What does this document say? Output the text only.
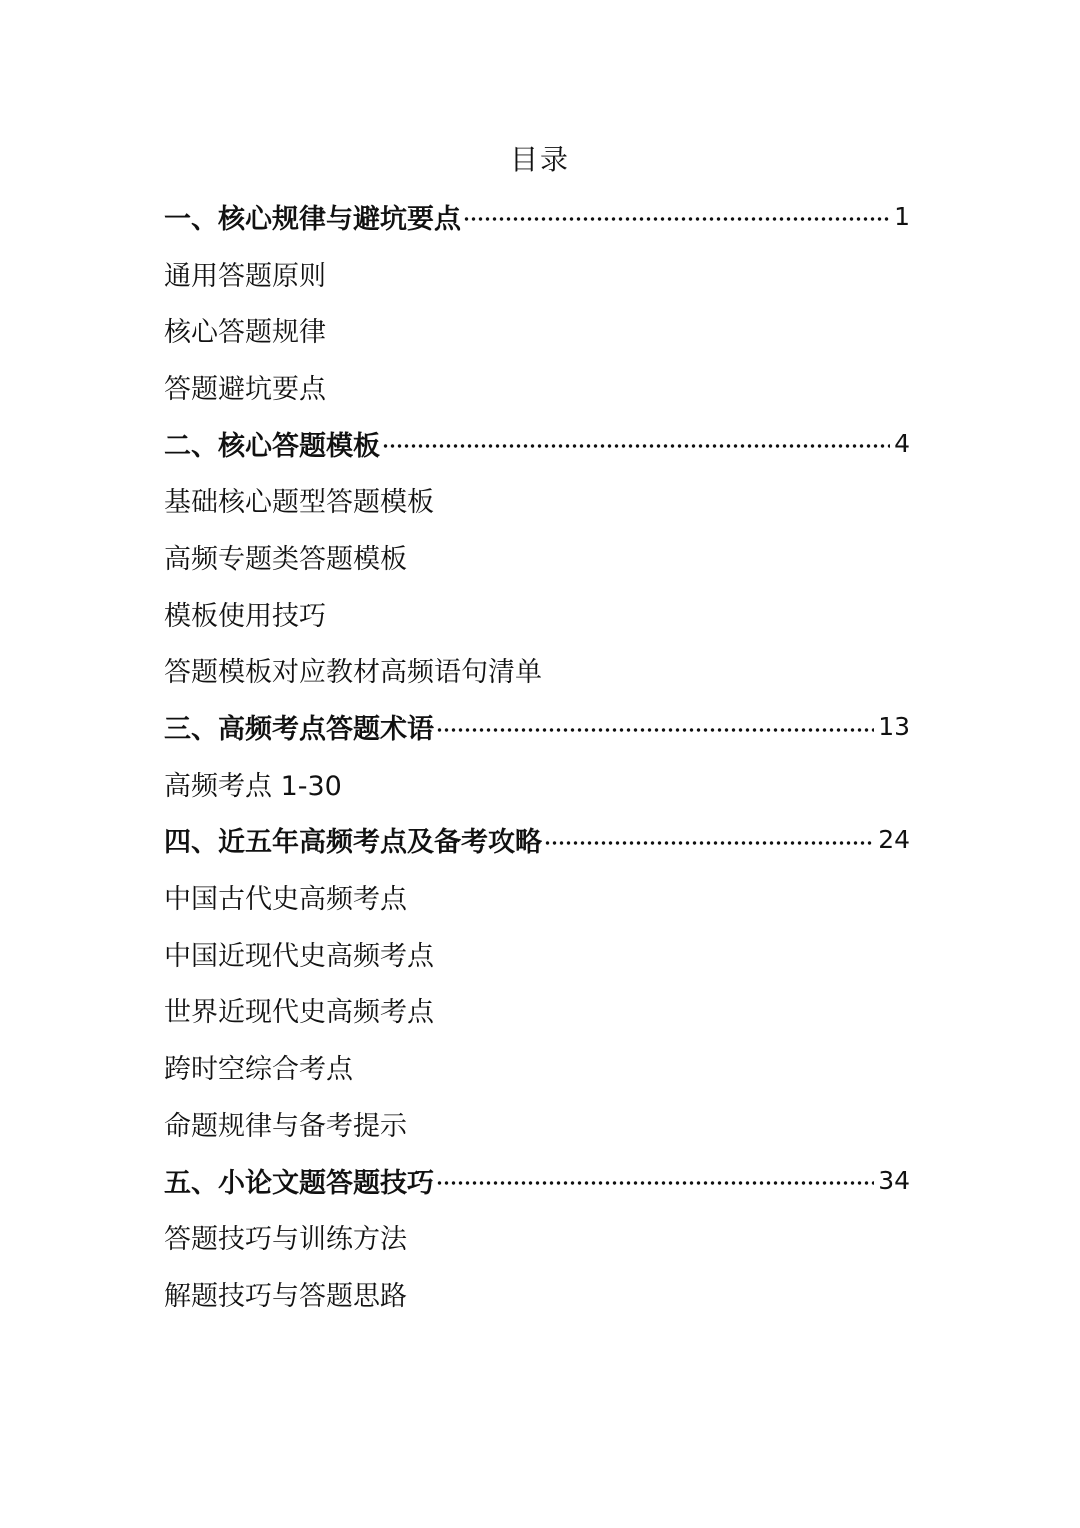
目录
一、核心规律与避坑要点	1
通用答题原则
核心答题规律
答题避坑要点
二、核心答题模板	4
基础核心题型答题模板
高频专题类答题模板
模板使用技巧
答题模板对应教材高频语句清单
三、高频考点答题术语	13
高频考点 1-30
四、近五年高频考点及备考攻略	24
中国古代史高频考点
中国近现代史高频考点
世界近现代史高频考点
跨时空综合考点
命题规律与备考提示
五、小论文题答题技巧	34
答题技巧与训练方法
解题技巧与答题思路
